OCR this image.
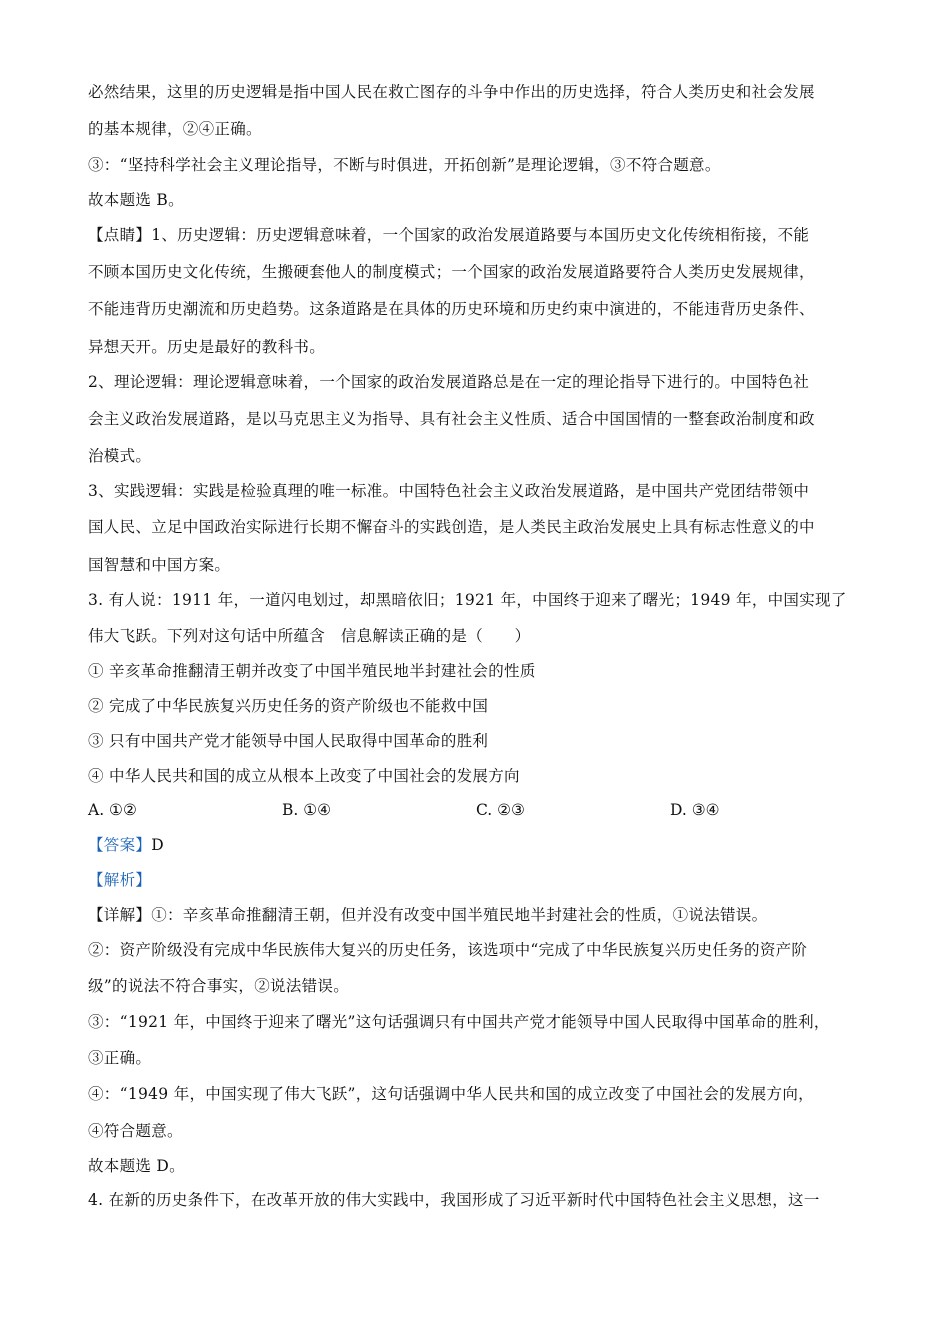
必然结果，这里的历史逻辑是指中国人民在救亡图存的斗争中作出的历史选择，符合人类历史和社会发展
的基本规律，②④正确。
③：“坚持科学社会主义理论指导，不断与时俱进，开拓创新”是理论逻辑，③不符合题意。
故本题选 B。
【点睛】1、历史逻辑：历史逻辑意味着，一个国家的政治发展道路要与本国历史文化传统相衔接，不能
不顾本国历史文化传统，生搬硬套他人的制度模式；一个国家的政治发展道路要符合人类历史发展规律，
不能违背历史潮流和历史趋势。这条道路是在具体的历史环境和历史约束中演进的，不能违背历史条件、
异想天开。历史是最好的教科书。
2、理论逻辑：理论逻辑意味着，一个国家的政治发展道路总是在一定的理论指导下进行的。中国特色社
会主义政治发展道路，是以马克思主义为指导、具有社会主义性质、适合中国国情的一整套政治制度和政
治模式。
3、实践逻辑：实践是检验真理的唯一标准。中国特色社会主义政治发展道路，是中国共产党团结带领中
国人民、立足中国政治实际进行长期不懈奋斗的实践创造，是人类民主政治发展史上具有标志性意义的中
国智慧和中国方案。
3. 有人说：1911 年，一道闪电划过，却黑暗依旧；1921 年，中国终于迎来了曙光；1949 年，中国实现了
伟大飞跃。下列对这句话中所蕴含　信息解读正确的是（　　）
① 辛亥革命推翻清王朝并改变了中国半殖民地半封建社会的性质
② 完成了中华民族复兴历史任务的资产阶级也不能救中国
③ 只有中国共产党才能领导中国人民取得中国革命的胜利
④ 中华人民共和国的成立从根本上改变了中国社会的发展方向
A. ①②	B. ①④	C. ②③	D. ③④
【答案】D
【解析】
【详解】①：辛亥革命推翻清王朝，但并没有改变中国半殖民地半封建社会的性质，①说法错误。
②：资产阶级没有完成中华民族伟大复兴的历史任务，该选项中“完成了中华民族复兴历史任务的资产阶
级”的说法不符合事实，②说法错误。
③：“1921 年，中国终于迎来了曙光”这句话强调只有中国共产党才能领导中国人民取得中国革命的胜利，
③正确。
④：“1949 年，中国实现了伟大飞跃”，这句话强调中华人民共和国的成立改变了中国社会的发展方向，
④符合题意。
故本题选 D。
4. 在新的历史条件下，在改革开放的伟大实践中，我国形成了习近平新时代中国特色社会主义思想，这一
